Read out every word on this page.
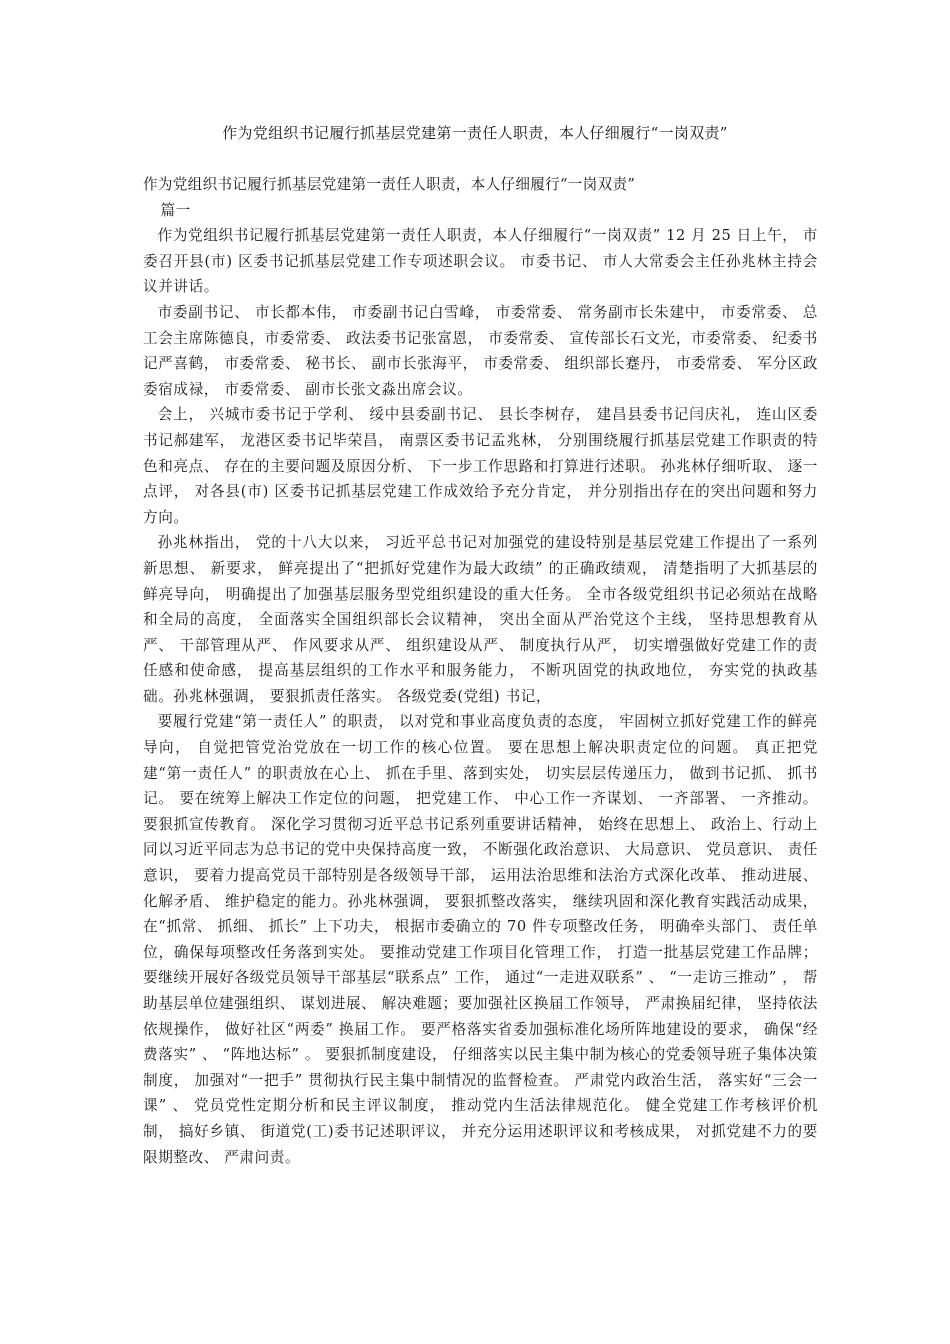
作为党组织书记履行抓基层党建第一责任人职责，本人仔细履行“一岗双责”

作为党组织书记履行抓基层党建第一责任人职责，本人仔细履行“一岗双责”

篇一

作为党组织书记履行抓基层党建第一责任人职责，本人仔细履行“一岗双责” 12 月 25 日上午， 市委召开县(市) 区委书记抓基层党建工作专项述职会议。 市委书记、 市人大常委会主任孙兆林主持会议并讲话。

市委副书记、 市长都本伟， 市委副书记白雪峰， 市委常委、 常务副市长朱建中， 市委常委、 总工会主席陈德良，市委常委、 政法委书记张富恩， 市委常委、 宣传部长石文光，市委常委、 纪委书记严喜鹤， 市委常委、 秘书长、 副市长张海平， 市委常委、 组织部长蹇丹， 市委常委、 军分区政委宿成禄， 市委常委、 副市长张文淼出席会议。

会上， 兴城市委书记于学利、 绥中县委副书记、 县长李树存， 建昌县委书记闫庆礼， 连山区委书记郝建军， 龙港区委书记毕荣昌， 南票区委书记孟兆林， 分别围绕履行抓基层党建工作职责的特色和亮点、 存在的主要问题及原因分析、 下一步工作思路和打算进行述职。 孙兆林仔细听取、 逐一点评， 对各县(市) 区委书记抓基层党建工作成效给予充分肯定， 并分别指出存在的突出问题和努力方向。

孙兆林指出， 党的十八大以来， 习近平总书记对加强党的建设特别是基层党建工作提出了一系列新思想、 新要求， 鲜亮提出了“把抓好党建作为最大政绩” 的正确政绩观， 清楚指明了大抓基层的鲜亮导向， 明确提出了加强基层服务型党组织建设的重大任务。 全市各级党组织书记必须站在战略和全局的高度， 全面落实全国组织部长会议精神， 突出全面从严治党这个主线， 坚持思想教育从严、 干部管理从严、 作风要求从严、 组织建设从严、 制度执行从严， 切实增强做好党建工作的责任感和使命感， 提高基层组织的工作水平和服务能力， 不断巩固党的执政地位， 夯实党的执政基础。孙兆林强调， 要狠抓责任落实。 各级党委(党组) 书记，

要履行党建“第一责任人” 的职责， 以对党和事业高度负责的态度， 牢固树立抓好党建工作的鲜亮导向， 自觉把管党治党放在一切工作的核心位置。 要在思想上解决职责定位的问题。 真正把党建“第一责任人” 的职责放在心上、 抓在手里、落到实处， 切实层层传递压力， 做到书记抓、 抓书记。 要在统筹上解决工作定位的问题， 把党建工作、 中心工作一齐谋划、 一齐部署、 一齐推动。 要狠抓宣传教育。 深化学习贯彻习近平总书记系列重要讲话精神， 始终在思想上、 政治上、行动上同以习近平同志为总书记的党中央保持高度一致， 不断强化政治意识、 大局意识、 党员意识、 责任意识， 要着力提高党员干部特别是各级领导干部， 运用法治思维和法治方式深化改革、 推动进展、 化解矛盾、 维护稳定的能力。孙兆林强调， 要狠抓整改落实， 继续巩固和深化教育实践活动成果， 在“抓常、 抓细、 抓长” 上下功夫， 根据市委确立的 70 件专项整改任务， 明确牵头部门、 责任单位，确保每项整改任务落到实处。 要推动党建工作项目化管理工作， 打造一批基层党建工作品牌；要继续开展好各级党员领导干部基层“联系点” 工作， 通过“一走进双联系” 、 “一走访三推动” ， 帮助基层单位建强组织、 谋划进展、 解决难题；要加强社区换届工作领导， 严肃换届纪律， 坚持依法依规操作， 做好社区“两委” 换届工作。 要严格落实省委加强标准化场所阵地建设的要求， 确保“经费落实” 、 “阵地达标” 。 要狠抓制度建设， 仔细落实以民主集中制为核心的党委领导班子集体决策制度， 加强对“一把手” 贯彻执行民主集中制情况的监督检查。 严肃党内政治生活， 落实好“三会一课” 、 党员党性定期分析和民主评议制度， 推动党内生活法律规范化。 健全党建工作考核评价机制， 搞好乡镇、 街道党(工)委书记述职评议， 并充分运用述职评议和考核成果， 对抓党建不力的要限期整改、 严肃问责。
